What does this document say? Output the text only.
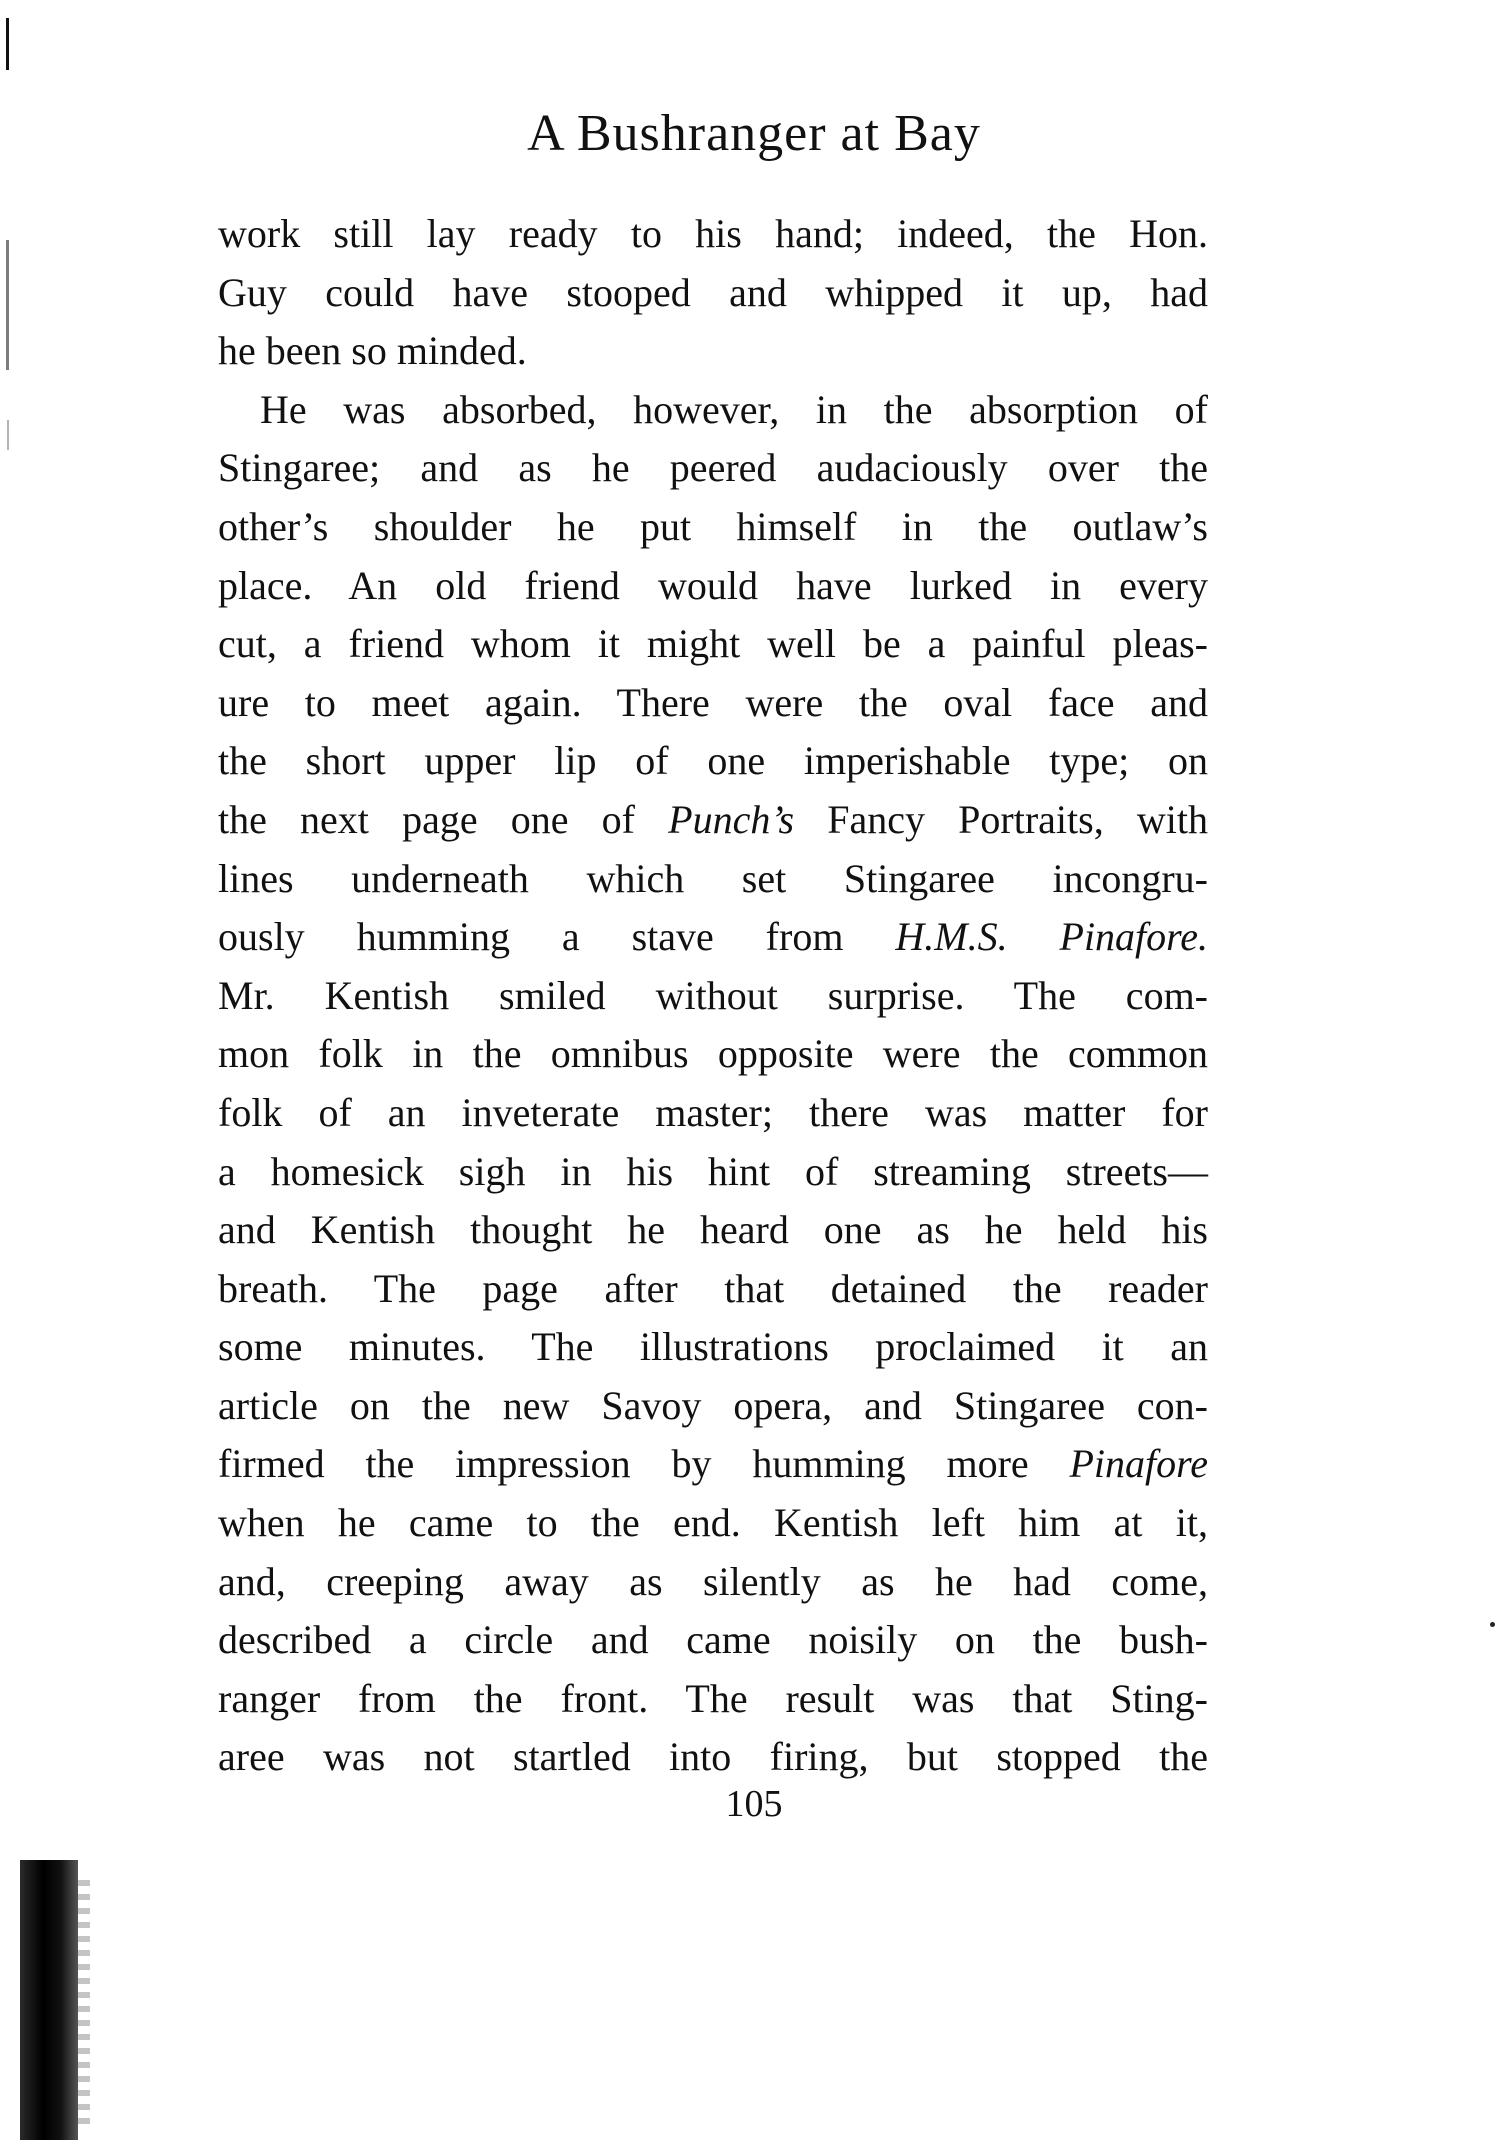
A Bushranger at Bay
work still lay ready to his hand; indeed, the Hon.
Guy could have stooped and whipped it up, had
he been so minded.
He was absorbed, however, in the absorption of
Stingaree; and as he peered audaciously over the
other’s shoulder he put himself in the outlaw’s
place. An old friend would have lurked in every
cut, a friend whom it might well be a painful pleas-
ure to meet again. There were the oval face and
the short upper lip of one imperishable type; on
the next page one of Punch’s Fancy Portraits, with
lines underneath which set Stingaree incongru-
ously humming a stave from H.M.S. Pinafore.
Mr. Kentish smiled without surprise. The com-
mon folk in the omnibus opposite were the common
folk of an inveterate master; there was matter for
a homesick sigh in his hint of streaming streets—
and Kentish thought he heard one as he held his
breath. The page after that detained the reader
some minutes. The illustrations proclaimed it an
article on the new Savoy opera, and Stingaree con-
firmed the impression by humming more Pinafore
when he came to the end. Kentish left him at it,
and, creeping away as silently as he had come,
described a circle and came noisily on the bush-
ranger from the front. The result was that Sting-
aree was not startled into firing, but stopped the
105
